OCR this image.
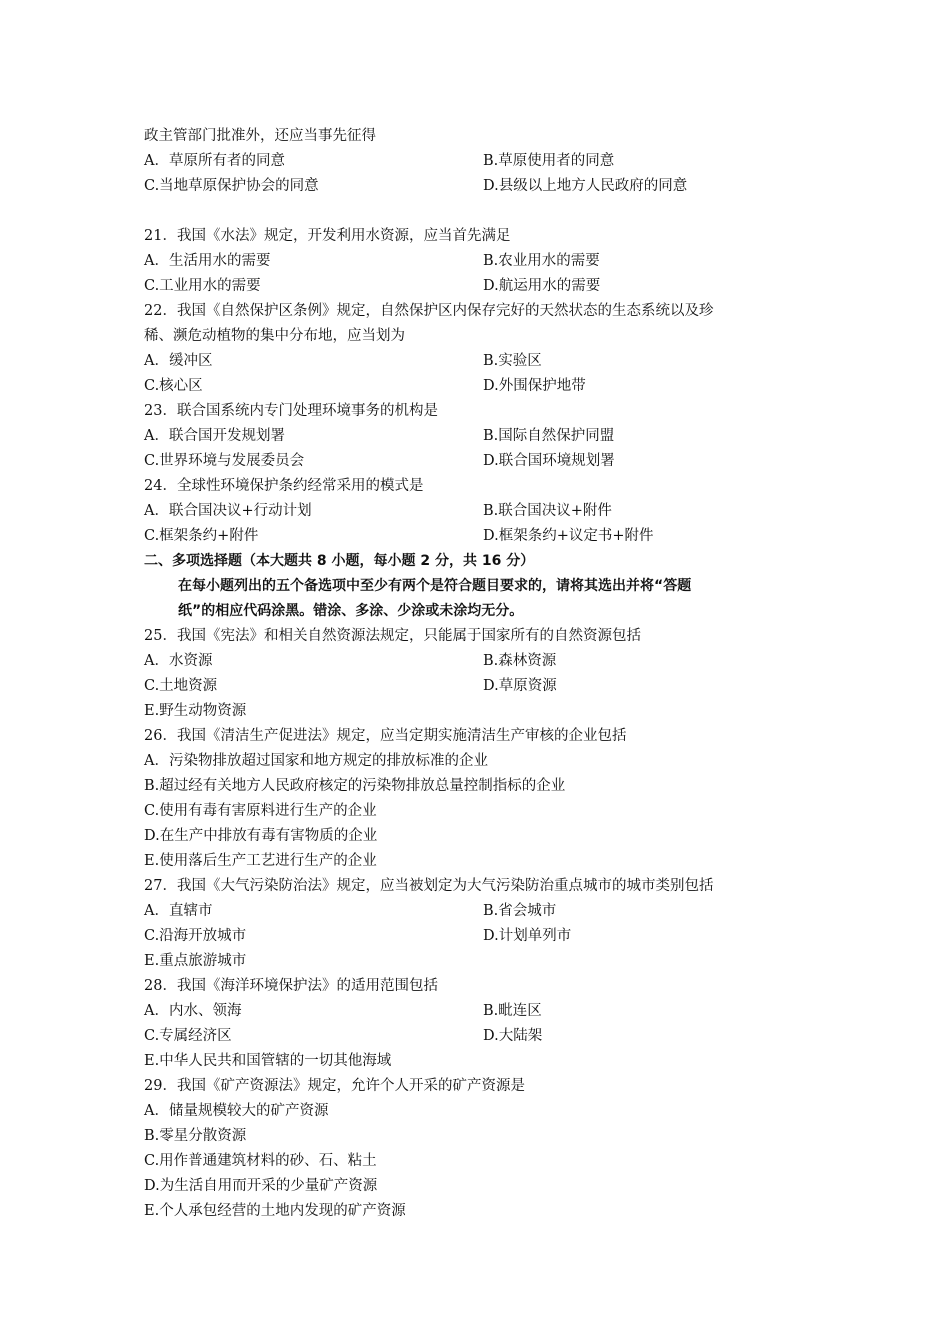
政主管部门批准外，还应当事先征得
A．草原所有者的同意	B.草原使用者的同意
C.当地草原保护协会的同意	D.县级以上地方人民政府的同意
21．我国《水法》规定，开发利用水资源，应当首先满足
A．生活用水的需要	B.农业用水的需要
C.工业用水的需要	D.航运用水的需要
22．我国《自然保护区条例》规定，自然保护区内保存完好的天然状态的生态系统以及珍
稀、濒危动植物的集中分布地，应当划为
A．缓冲区	B.实验区
C.核心区	D.外围保护地带
23．联合国系统内专门处理环境事务的机构是
A．联合国开发规划署	B.国际自然保护同盟
C.世界环境与发展委员会	D.联合国环境规划署
24．全球性环境保护条约经常采用的模式是
A．联合国决议+行动计划	B.联合国决议+附件
C.框架条约+附件	D.框架条约+议定书+附件
二、多项选择题（本大题共 8 小题，每小题 2 分，共 16 分）
在每小题列出的五个备选项中至少有两个是符合题目要求的，请将其选出并将“答题
纸”的相应代码涂黑。错涂、多涂、少涂或未涂均无分。
25．我国《宪法》和相关自然资源法规定，只能属于国家所有的自然资源包括
A．水资源	B.森林资源
C.土地资源	D.草原资源
E.野生动物资源
26．我国《清洁生产促进法》规定，应当定期实施清洁生产审核的企业包括
A．污染物排放超过国家和地方规定的排放标准的企业
B.超过经有关地方人民政府核定的污染物排放总量控制指标的企业
C.使用有毒有害原料进行生产的企业
D.在生产中排放有毒有害物质的企业
E.使用落后生产工艺进行生产的企业
27．我国《大气污染防治法》规定，应当被划定为大气污染防治重点城市的城市类别包括
A．直辖市	B.省会城市
C.沿海开放城市	D.计划单列市
E.重点旅游城市
28．我国《海洋环境保护法》的适用范围包括
A．内水、领海	B.毗连区
C.专属经济区	D.大陆架
E.中华人民共和国管辖的一切其他海域
29．我国《矿产资源法》规定，允许个人开采的矿产资源是
A．储量规模较大的矿产资源
B.零星分散资源
C.用作普通建筑材料的砂、石、粘土
D.为生活自用而开采的少量矿产资源
E.个人承包经营的土地内发现的矿产资源
